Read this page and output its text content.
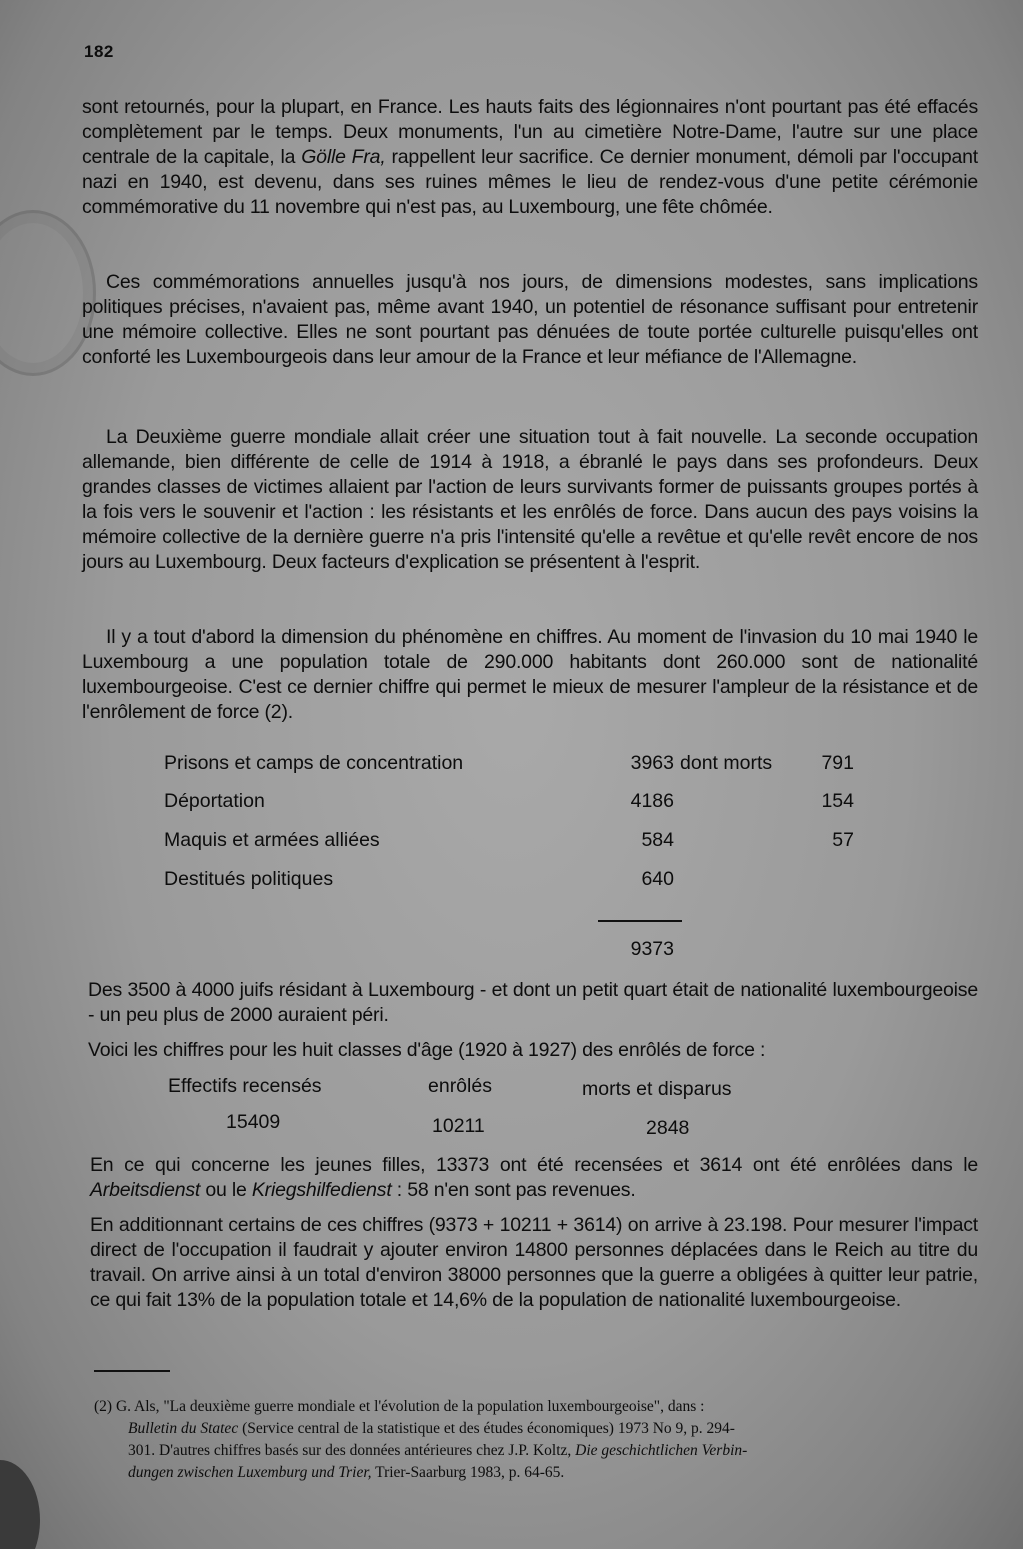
182

sont retournés, pour la plupart, en France. Les hauts faits des légionnaires n'ont pourtant pas été effacés complètement par le temps. Deux monuments, l'un au cimetière Notre-Dame, l'autre sur une place centrale de la capitale, la Gölle Fra, rappellent leur sacrifice. Ce dernier monument, démoli par l'occupant nazi en 1940, est devenu, dans ses ruines mêmes le lieu de rendez-vous d'une petite cérémonie commémorative du 11 novembre qui n'est pas, au Luxembourg, une fête chômée.

Ces commémorations annuelles jusqu'à nos jours, de dimensions modestes, sans implications politiques précises, n'avaient pas, même avant 1940, un potentiel de résonance suffisant pour entretenir une mémoire collective. Elles ne sont pourtant pas dénuées de toute portée culturelle puisqu'elles ont conforté les Luxembourgeois dans leur amour de la France et leur méfiance de l'Allemagne.

La Deuxième guerre mondiale allait créer une situation tout à fait nouvelle. La seconde occupation allemande, bien différente de celle de 1914 à 1918, a ébranlé le pays dans ses profondeurs. Deux grandes classes de victimes allaient par l'action de leurs survivants former de puissants groupes portés à la fois vers le souvenir et l'action : les résistants et les enrôlés de force. Dans aucun des pays voisins la mémoire collective de la dernière guerre n'a pris l'intensité qu'elle a revêtue et qu'elle revêt encore de nos jours au Luxembourg. Deux facteurs d'explication se présentent à l'esprit.

Il y a tout d'abord la dimension du phénomène en chiffres. Au moment de l'invasion du 10 mai 1940 le Luxembourg a une population totale de 290.000 habitants dont 260.000 sont de nationalité luxembourgeoise. C'est ce dernier chiffre qui permet le mieux de mesurer l'ampleur de la résistance et de l'enrôlement de force (2).

Prisons et camps de concentration	3963 dont morts	791
Déportation	4186	154
Maquis et armées alliées	584	57
Destitués politiques	640
9373

Des 3500 à 4000 juifs résidant à Luxembourg - et dont un petit quart était de nationalité luxembourgeoise - un peu plus de 2000 auraient péri.

Voici les chiffres pour les huit classes d'âge (1920 à 1927) des enrôlés de force :

Effectifs recensés	enrôlés	morts et disparus
15409	10211	2848

En ce qui concerne les jeunes filles, 13373 ont été recensées et 3614 ont été enrôlées dans le Arbeitsdienst ou le Kriegshilfedienst : 58 n'en sont pas revenues.

En additionnant certains de ces chiffres (9373 + 10211 + 3614) on arrive à 23.198. Pour mesurer l'impact direct de l'occupation il faudrait y ajouter environ 14800 personnes déplacées dans le Reich au titre du travail. On arrive ainsi à un total d'environ 38000 personnes que la guerre a obligées à quitter leur patrie, ce qui fait 13% de la population totale et 14,6% de la population de nationalité luxembourgeoise.

(2) G. Als, "La deuxième guerre mondiale et l'évolution de la population luxembourgeoise", dans :
Bulletin du Statec (Service central de la statistique et des études économiques) 1973 No 9, p. 294-
301. D'autres chiffres basés sur des données antérieures chez J.P. Koltz, Die geschichtlichen Verbin-
dungen zwischen Luxemburg und Trier, Trier-Saarburg 1983, p. 64-65.
